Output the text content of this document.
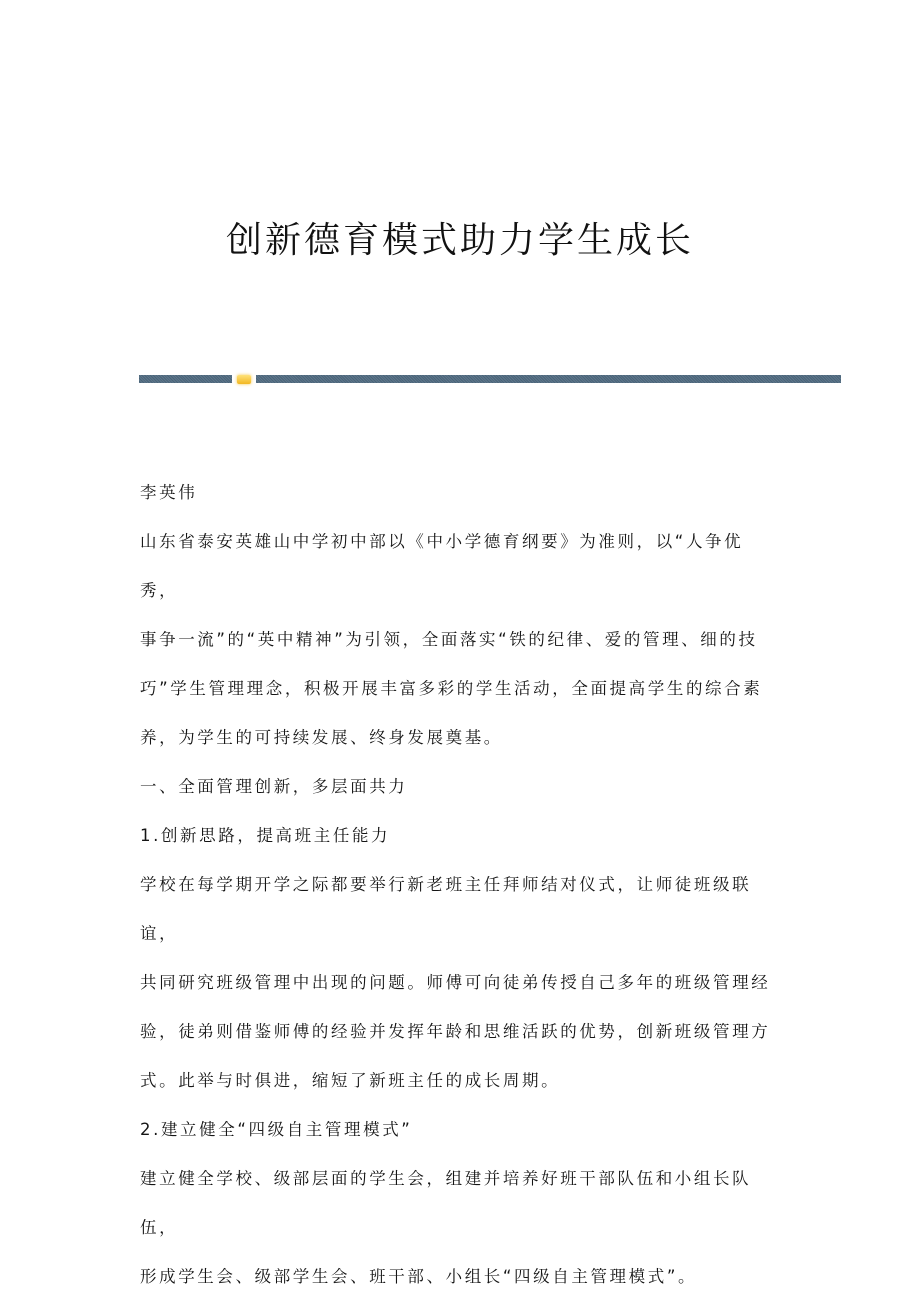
创新德育模式助力学生成长

李英伟

山东省泰安英雄山中学初中部以《中小学德育纲要》为准则，以“人争优秀，

事争一流”的“英中精神”为引领，全面落实“铁的纪律、爱的管理、细的技

巧”学生管理理念，积极开展丰富多彩的学生活动，全面提高学生的综合素

养，为学生的可持续发展、终身发展奠基。

一、全面管理创新，多层面共力

1.创新思路，提高班主任能力

学校在每学期开学之际都要举行新老班主任拜师结对仪式，让师徒班级联谊，

共同研究班级管理中出现的问题。师傅可向徒弟传授自己多年的班级管理经

验，徒弟则借鉴师傅的经验并发挥年龄和思维活跃的优势，创新班级管理方

式。此举与时俱进，缩短了新班主任的成长周期。

2.建立健全“四级自主管理模式”

建立健全学校、级部层面的学生会，组建并培养好班干部队伍和小组长队伍，

形成学生会、级部学生会、班干部、小组长“四级自主管理模式”。
